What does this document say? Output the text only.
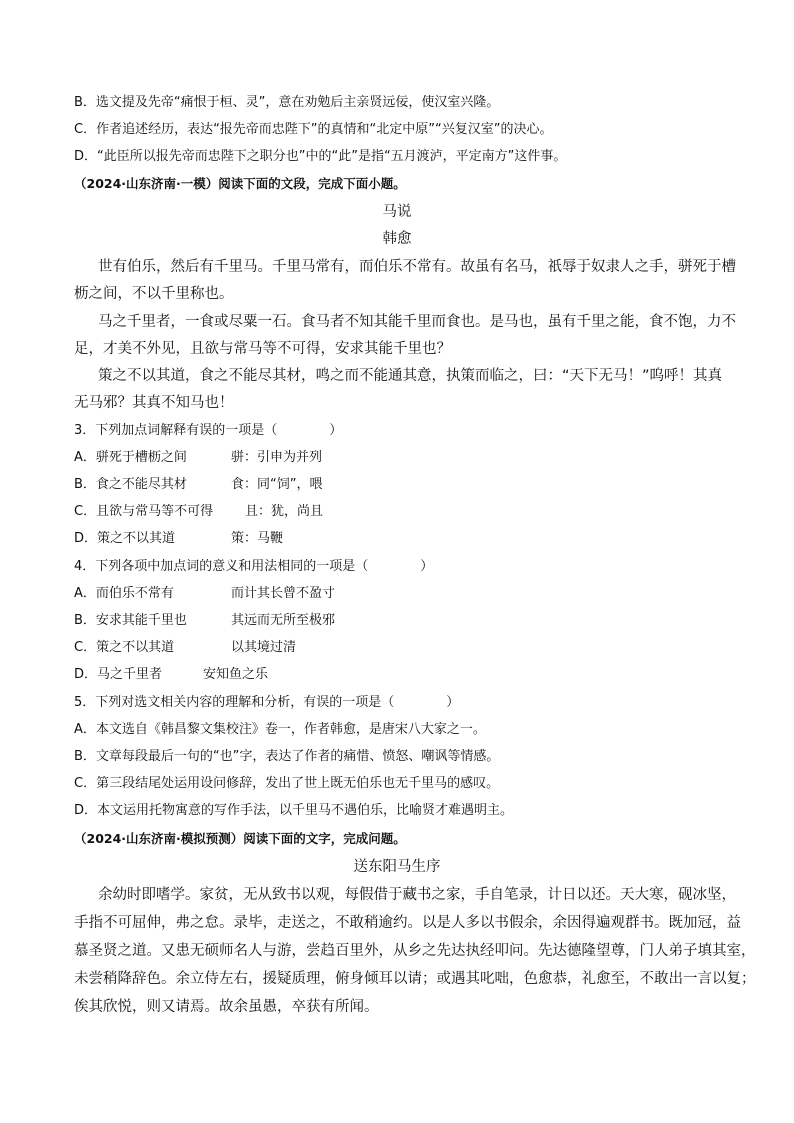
B．选文提及先帝“痛恨于桓、灵”，意在劝勉后主亲贤远佞，使汉室兴隆。
C．作者追述经历，表达“报先帝而忠陛下”的真情和“北定中原”“兴复汉室”的决心。
D．“此臣所以报先帝而忠陛下之职分也”中的“此”是指“五月渡泸，平定南方”这件事。
（2024·山东济南·一模）阅读下面的文段，完成下面小题。
马说
韩愈
世有伯乐，然后有千里马。千里马常有，而伯乐不常有。故虽有名马，祇辱于奴隶人之手，骈死于槽
枥之间，不以千里称也。
马之千里者，一食或尽粟一石。食马者不知其能千里而食也。是马也，虽有千里之能，食不饱，力不
足，才美不外见，且欲与常马等不可得，安求其能千里也？
策之不以其道，食之不能尽其材，鸣之而不能通其意，执策而临之，曰：“天下无马！”呜呼！其真
无马邪？其真不知马也！
3．下列加点词解释有误的一项是（　　　　）
A．骈死于槽枥之间	骈：引申为并列
B．食之不能尽其材	食：同“饲”，喂
C．且欲与常马等不可得 且：犹，尚且
D．策之不以其道	策：马鞭
4．下列各项中加点词的意义和用法相同的一项是（　　　　）
A．而伯乐不常有	而计其长曾不盈寸
B．安求其能千里也	其远而无所至极邪
C．策之不以其道	以其境过清
D．马之千里者	安知鱼之乐
5．下列对选文相关内容的理解和分析，有误的一项是（　　　　）
A．本文选自《韩昌黎文集校注》卷一，作者韩愈，是唐宋八大家之一。
B．文章每段最后一句的“也”字，表达了作者的痛惜、愤怒、嘲讽等情感。
C．第三段结尾处运用设问修辞，发出了世上既无伯乐也无千里马的感叹。
D．本文运用托物寓意的写作手法，以千里马不遇伯乐，比喻贤才难遇明主。
（2024·山东济南·模拟预测）阅读下面的文字，完成问题。
送东阳马生序
余幼时即嗜学。家贫，无从致书以观，每假借于藏书之家，手自笔录，计日以还。天大寒，砚冰坚，
手指不可屈伸，弗之怠。录毕，走送之，不敢稍逾约。以是人多以书假余，余因得遍观群书。既加冠，益
慕圣贤之道。又患无硕师名人与游，尝趋百里外，从乡之先达执经叩问。先达德隆望尊，门人弟子填其室，
未尝稍降辞色。余立侍左右，援疑质理，俯身倾耳以请；或遇其叱咄，色愈恭，礼愈至，不敢出一言以复；
俟其欣悦，则又请焉。故余虽愚，卒获有所闻。
